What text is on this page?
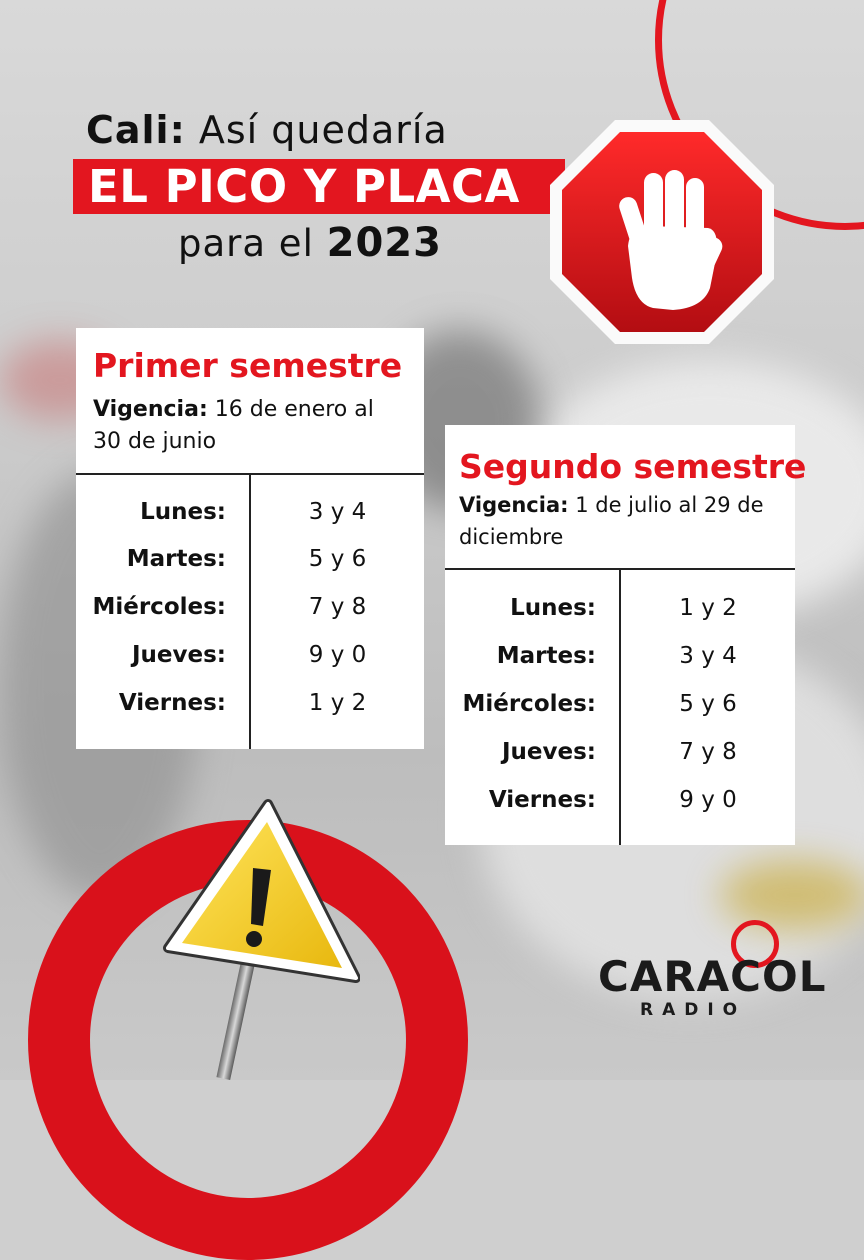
Cali: Así quedaría
EL PICO Y PLACA
para el 2023
Primer semestre
Vigencia: 16 de enero al
30 de junio
Lunes:	3 y 4
Martes:	5 y 6
Miércoles:	7 y 8
Jueves:	9 y 0
Viernes:	1 y 2
Segundo semestre
Vigencia: 1 de julio al 29 de
diciembre
Lunes:	1 y 2
Martes:	3 y 4
Miércoles:	5 y 6
Jueves:	7 y 8
Viernes:	9 y 0
CARACOL
RADIO
